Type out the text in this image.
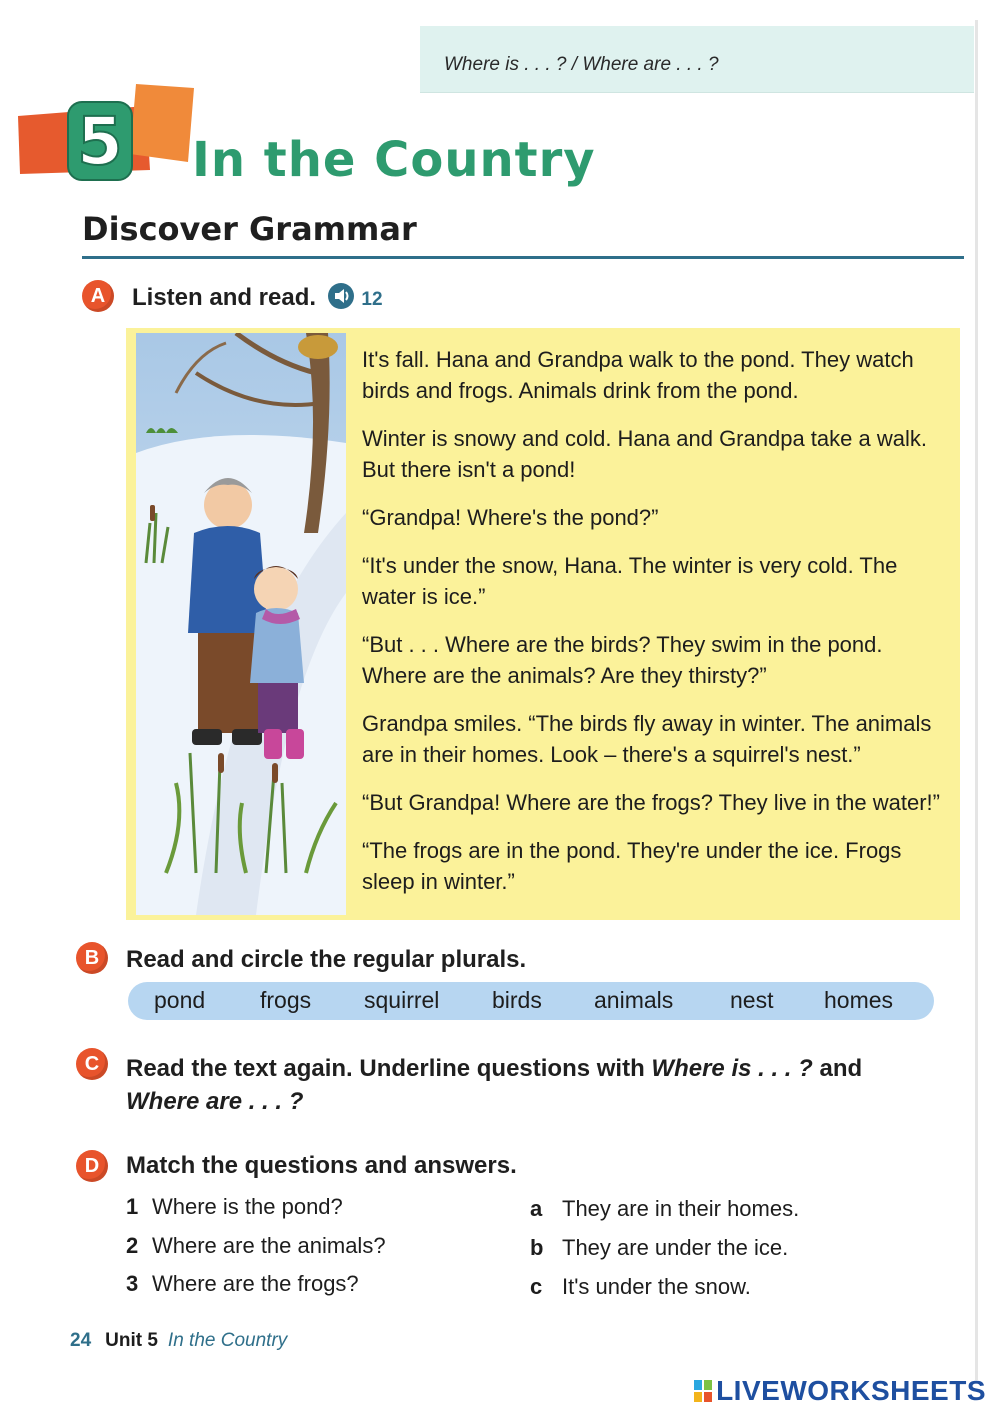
Where is . . . ? / Where are . . . ?
5 In the Country
Discover Grammar
A	Listen and read. 12

It's fall. Hana and Grandpa walk to the pond. They watch birds and frogs. Animals drink from the pond.

Winter is snowy and cold. Hana and Grandpa take a walk. But there isn't a pond!

“Grandpa! Where's the pond?”

“It's under the snow, Hana. The winter is very cold. The water is ice.”

“But . . . Where are the birds? They swim in the pond. Where are the animals? Are they thirsty?”

Grandpa smiles. “The birds fly away in winter. The animals are in their homes. Look – there's a squirrel's nest.”

“But Grandpa! Where are the frogs? They live in the water!”

“The frogs are in the pond. They're under the ice. Frogs sleep in winter.”

B	Read and circle the regular plurals.
pond frogs squirrel birds animals nest homes
C	Read the text again. Underline questions with Where is . . . ? and
Where are . . . ?
D	Match the questions and answers.
1 Where is the pond?
2 Where are the animals?
3 Where are the frogs?
a They are in their homes.
b They are under the ice.
c It's under the snow.
24 Unit 5 In the Country
LIVEWORKSHEETS
